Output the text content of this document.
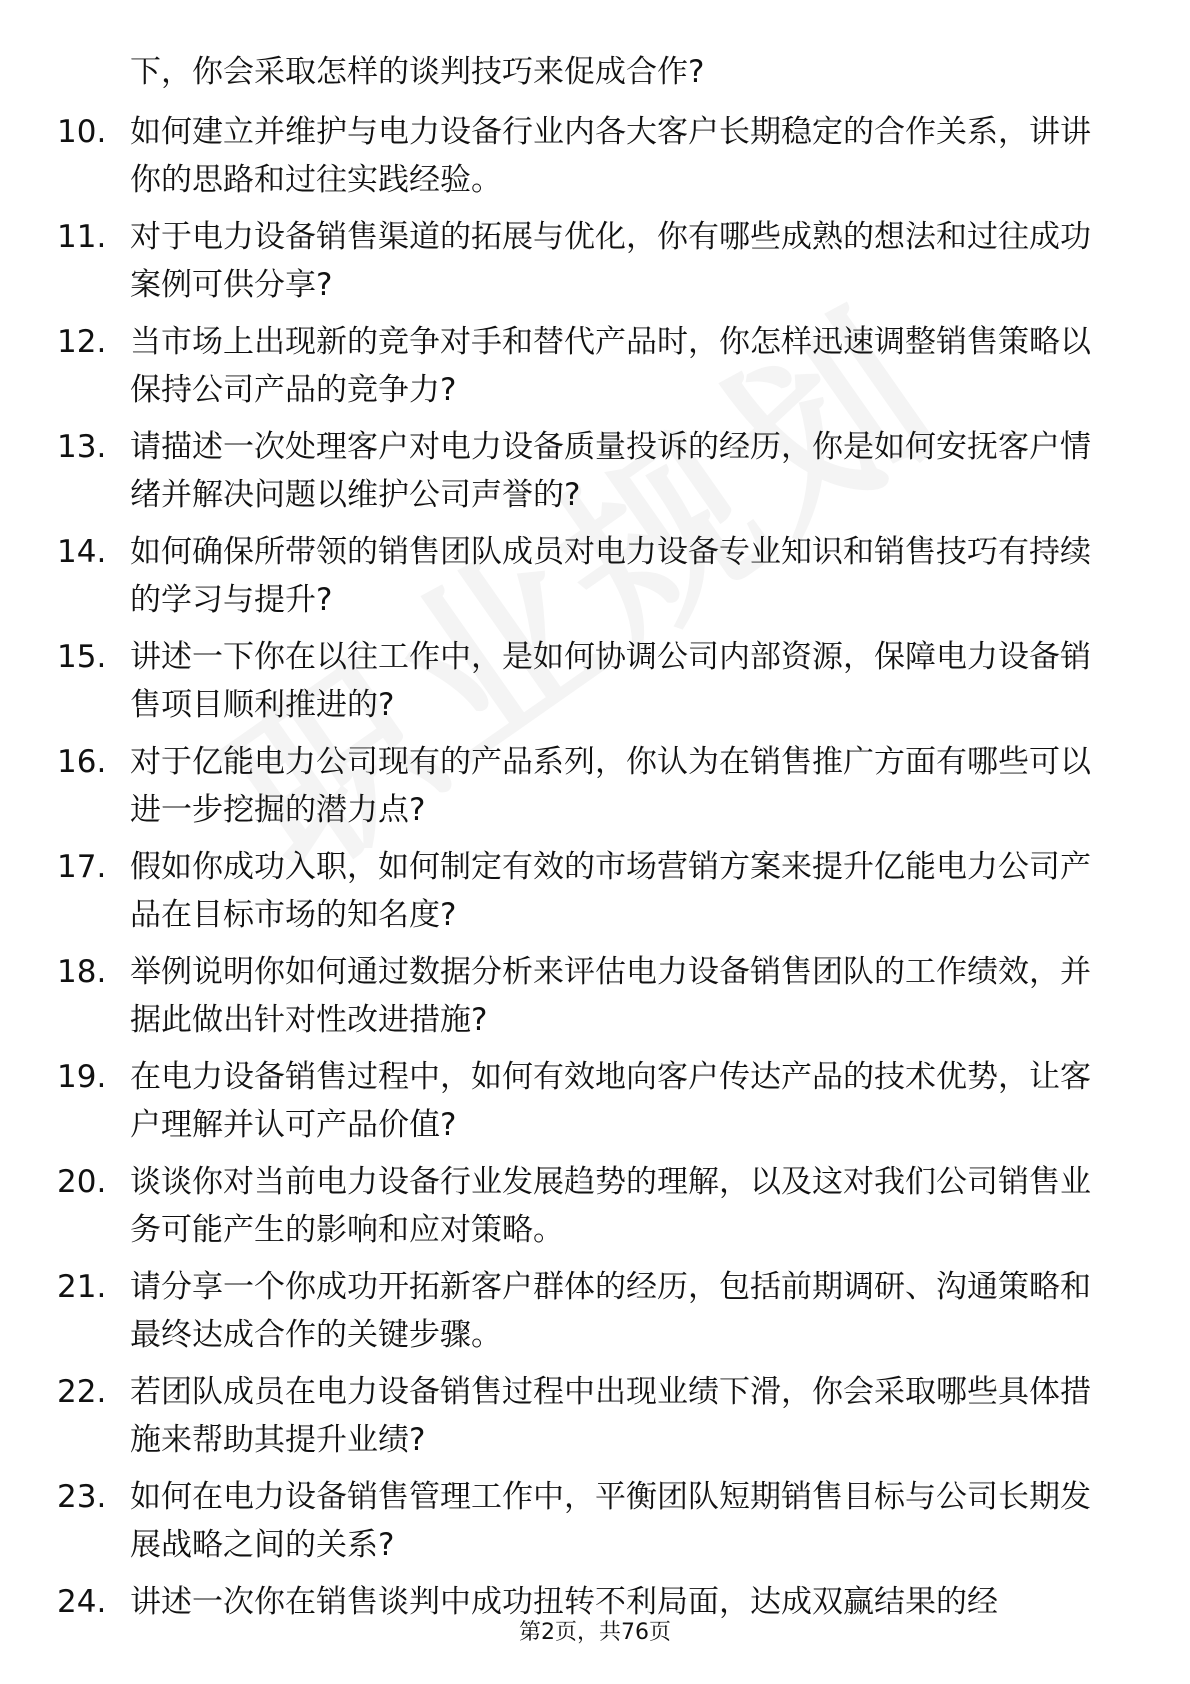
下，你会采取怎样的谈判技巧来促成合作?
10. 如何建立并维护与电力设备行业内各大客户长期稳定的合作关系，讲讲你的思路和过往实践经验。
11. 对于电力设备销售渠道的拓展与优化，你有哪些成熟的想法和过往成功案例可供分享?
12. 当市场上出现新的竞争对手和替代产品时，你怎样迅速调整销售策略以保持公司产品的竞争力?
13. 请描述一次处理客户对电力设备质量投诉的经历，你是如何安抚客户情绪并解决问题以维护公司声誉的?
14. 如何确保所带领的销售团队成员对电力设备专业知识和销售技巧有持续的学习与提升?
15. 讲述一下你在以往工作中，是如何协调公司内部资源，保障电力设备销售项目顺利推进的?
16. 对于亿能电力公司现有的产品系列，你认为在销售推广方面有哪些可以进一步挖掘的潜力点?
17. 假如你成功入职，如何制定有效的市场营销方案来提升亿能电力公司产品在目标市场的知名度?
18. 举例说明你如何通过数据分析来评估电力设备销售团队的工作绩效，并据此做出针对性改进措施?
19. 在电力设备销售过程中，如何有效地向客户传达产品的技术优势，让客户理解并认可产品价值?
20. 谈谈你对当前电力设备行业发展趋势的理解，以及这对我们公司销售业务可能产生的影响和应对策略。
21. 请分享一个你成功开拓新客户群体的经历，包括前期调研、沟通策略和最终达成合作的关键步骤。
22. 若团队成员在电力设备销售过程中出现业绩下滑，你会采取哪些具体措施来帮助其提升业绩?
23. 如何在电力设备销售管理工作中，平衡团队短期销售目标与公司长期发展战略之间的关系?
24. 讲述一次你在销售谈判中成功扭转不利局面，达成双赢结果的经
第2页，共76页
